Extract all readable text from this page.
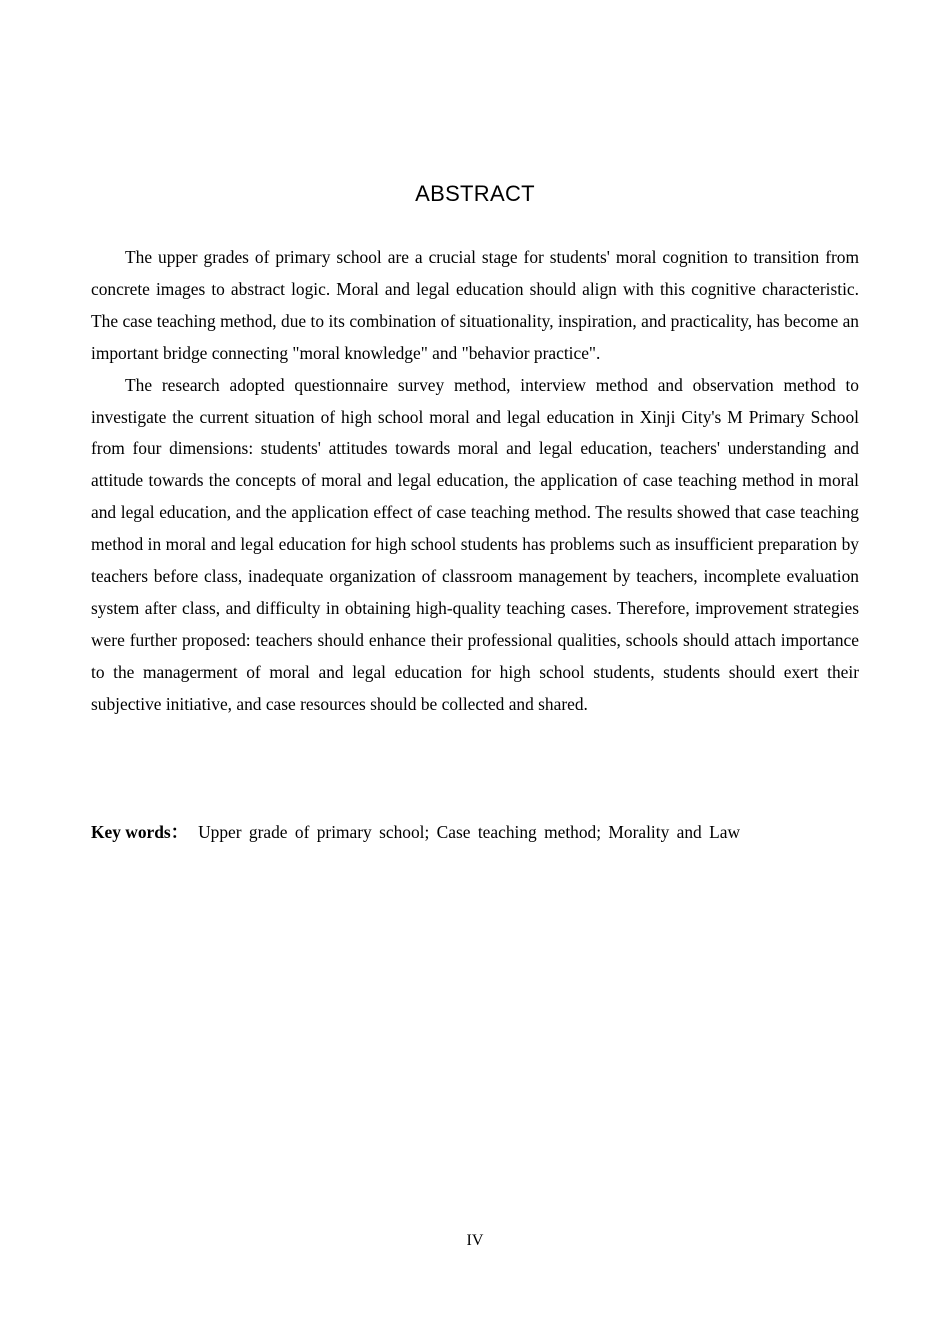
ABSTRACT

The upper grades of primary school are a crucial stage for students' moral cognition to transition from concrete images to abstract logic. Moral and legal education should align with this cognitive characteristic. The case teaching method, due to its combination of situationality, inspiration, and practicality, has become an important bridge connecting "moral knowledge" and "behavior practice".

The research adopted questionnaire survey method, interview method and observation method to investigate the current situation of high school moral and legal education in Xinji City's M Primary School from four dimensions: students' attitudes towards moral and legal education, teachers' understanding and attitude towards the concepts of moral and legal education, the application of case teaching method in moral and legal education, and the application effect of case teaching method. The results showed that case teaching method in moral and legal education for high school students has problems such as insufficient preparation by teachers before class, inadequate organization of classroom management by teachers, incomplete evaluation system after class, and difficulty in obtaining high-quality teaching cases. Therefore, improvement strategies were further proposed: teachers should enhance their professional qualities, schools should attach importance to the managerment of moral and legal education for high school students, students should exert their subjective initiative, and case resources should be collected and shared.

Key words： Upper grade of primary school; Case teaching method; Morality and Law
IV
